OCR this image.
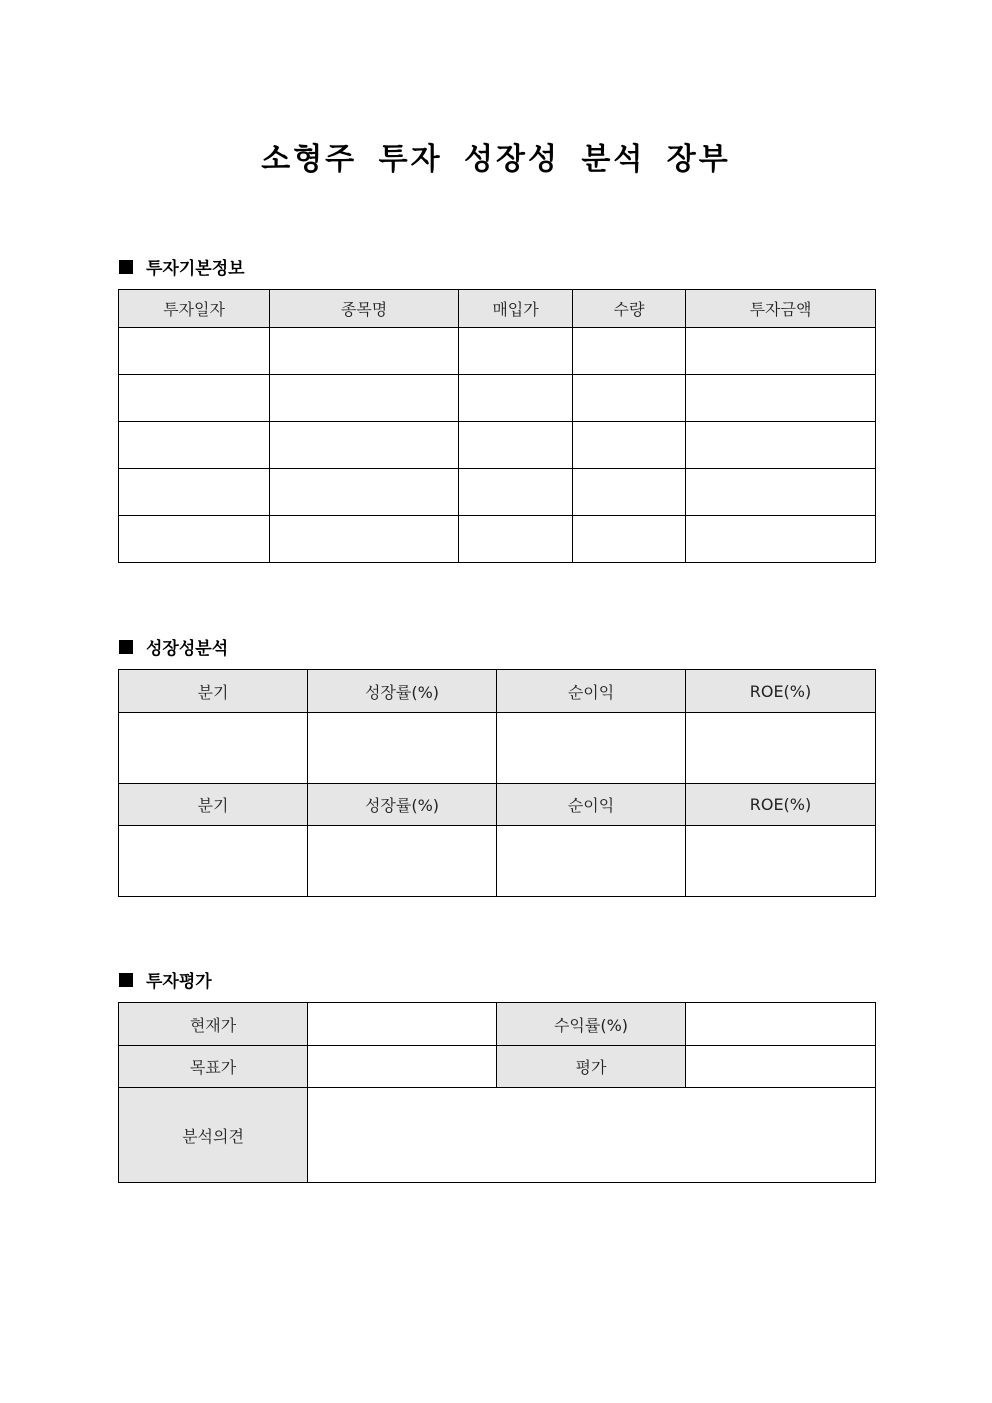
소형주 투자 성장성 분석 장부
투자기본정보
투자일자	종목명	매입가	수량	투자금액

성장성분석
분기	성장률(%)	순이익	ROE(%)

분기	성장률(%)	순이익	ROE(%)

투자평가
현재가		수익률(%)	
목표가		평가	
분석의견			
